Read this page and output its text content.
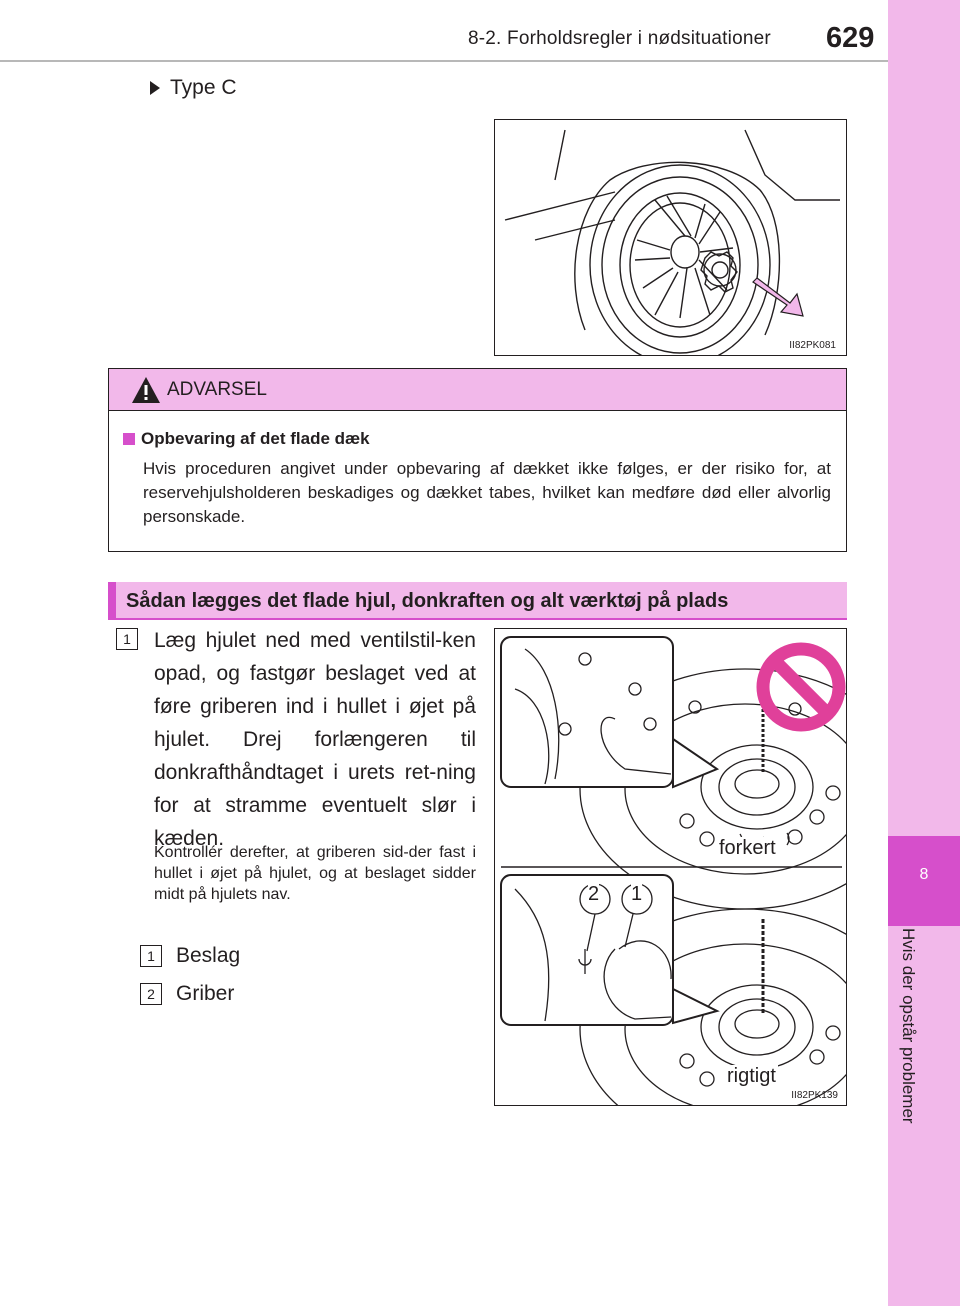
8-2. Forholdsregler i nødsituationer 629
8
Hvis der opstår problemer
Type C
II82PK081
ADVARSEL
Opbevaring af det flade dæk
Hvis proceduren angivet under opbevaring af dækket ikke følges, er der risiko for, at reservehjulsholderen beskadiges og dækket tabes, hvilket kan medføre død eller alvorlig personskade.
Sådan lægges det flade hjul, donkraften og alt værktøj på plads
1	Læg hjulet ned med ventilstil-ken opad, og fastgør beslaget ved at føre griberen ind i hullet i øjet på hjulet. Drej forlængeren til donkrafthåndtaget i urets ret-ning for at stramme eventuelt slør i kæden.
Kontrollér derefter, at griberen sid-der fast i hullet i øjet på hjulet, og at beslaget sidder midt på hjulets nav.
1	Beslag
2	Griber
2 1
forkert
rigtigt
II82PK139
